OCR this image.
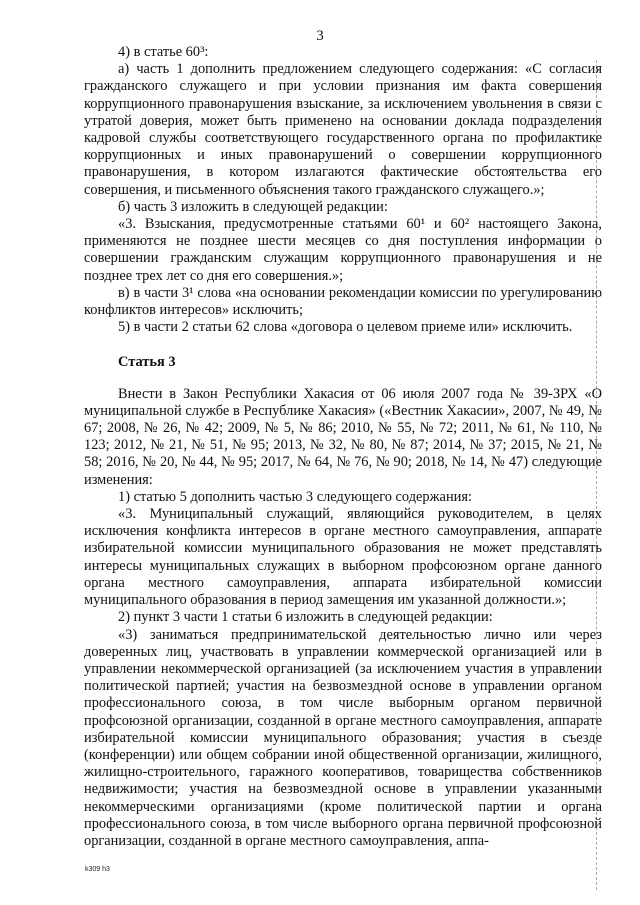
3

4) в статье 60³:

а) часть 1 дополнить предложением следующего содержания: «С согласия гражданского служащего и при условии признания им факта совершения коррупционного правонарушения взыскание, за исключением увольнения в связи с утратой доверия, может быть применено на основании доклада подразделения кадровой службы соответствующего государственного органа по профилактике коррупционных и иных правонарушений о совершении коррупционного правонарушения, в котором излагаются фактические обстоятельства его совершения, и письменного объяснения такого гражданского служащего.»;

б) часть 3 изложить в следующей редакции:

«3. Взыскания, предусмотренные статьями 60¹ и 60² настоящего Закона, применяются не позднее шести месяцев со дня поступления информации о совершении гражданским служащим коррупционного правонарушения и не позднее трех лет со дня его совершения.»;

в) в части 3¹ слова «на основании рекомендации комиссии по урегулированию конфликтов интересов» исключить;

5) в части 2 статьи 62 слова «договора о целевом приеме или» исключить.

Статья 3

Внести в Закон Республики Хакасия от 06 июля 2007 года № 39-ЗРХ «О муниципальной службе в Республике Хакасия» («Вестник Хакасии», 2007, № 49, № 67; 2008, № 26, № 42; 2009, № 5, № 86; 2010, № 55, № 72; 2011, № 61, № 110, № 123; 2012, № 21, № 51, № 95; 2013, № 32, № 80, № 87; 2014, № 37; 2015, № 21, № 58; 2016, № 20, № 44, № 95; 2017, № 64, № 76, № 90; 2018, № 14, № 47) следующие изменения:

1) статью 5 дополнить частью 3 следующего содержания:

«3. Муниципальный служащий, являющийся руководителем, в целях исключения конфликта интересов в органе местного самоуправления, аппарате избирательной комиссии муниципального образования не может представлять интересы муниципальных служащих в выборном профсоюзном органе данного органа местного самоуправления, аппарата избирательной комиссии муниципального образования в период замещения им указанной должности.»;

2) пункт 3 части 1 статьи 6 изложить в следующей редакции:

«3) заниматься предпринимательской деятельностью лично или через доверенных лиц, участвовать в управлении коммерческой организацией или в управлении некоммерческой организацией (за исключением участия в управлении политической партией; участия на безвозмездной основе в управлении органом профессионального союза, в том числе выборным органом первичной профсоюзной организации, созданной в органе местного самоуправления, аппарате избирательной комиссии муниципального образования; участия в съезде (конференции) или общем собрании иной общественной организации, жилищного, жилищно-строительного, гаражного кооперативов, товарищества собственников недвижимости; участия на безвозмездной основе в управлении указанными некоммерческими организациями (кроме политической партии и органа профессионального союза, в том числе выборного органа первичной профсоюзной организации, созданной в органе местного самоуправления, аппа-

k309 h3
